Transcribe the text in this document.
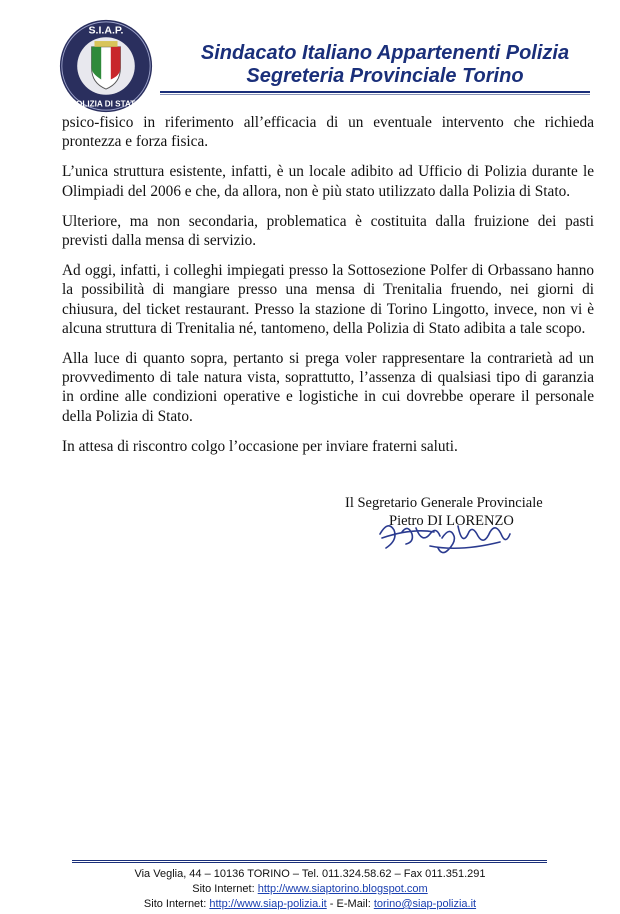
S.I.A.P.
POLIZIA DI STATO
Sindacato Italiano Appartenenti Polizia
Segreteria Provinciale Torino

psico-fisico in riferimento all’efficacia di un eventuale intervento che richieda prontezza e forza fisica.

L’unica struttura esistente, infatti, è un locale adibito ad Ufficio di Polizia durante le Olimpiadi del 2006 e che, da allora, non è più stato utilizzato dalla Polizia di Stato.

Ulteriore, ma non secondaria, problematica è costituita dalla fruizione dei pasti previsti dalla mensa di servizio.

Ad oggi, infatti, i colleghi impiegati presso la Sottosezione Polfer di Orbassano hanno la possibilità di mangiare presso una mensa di Trenitalia fruendo, nei giorni di chiusura, del ticket restaurant. Presso la stazione di Torino Lingotto, invece, non vi è alcuna struttura di Trenitalia né, tantomeno, della Polizia di Stato adibita a tale scopo.

Alla luce di quanto sopra, pertanto si prega voler rappresentare la contrarietà ad un provvedimento di tale natura vista, soprattutto, l’assenza di qualsiasi tipo di garanzia in ordine alle condizioni operative e logistiche in cui dovrebbe operare il personale della Polizia di Stato.

In attesa di riscontro colgo l’occasione per inviare fraterni saluti.

Il Segretario Generale Provinciale
Pietro DI LORENZO
Via Veglia, 44 – 10136 TORINO – Tel. 011.324.58.62 – Fax 011.351.291
Sito Internet: http://www.siaptorino.blogspot.com
Sito Internet: http://www.siap-polizia.it - E-Mail: torino@siap-polizia.it
